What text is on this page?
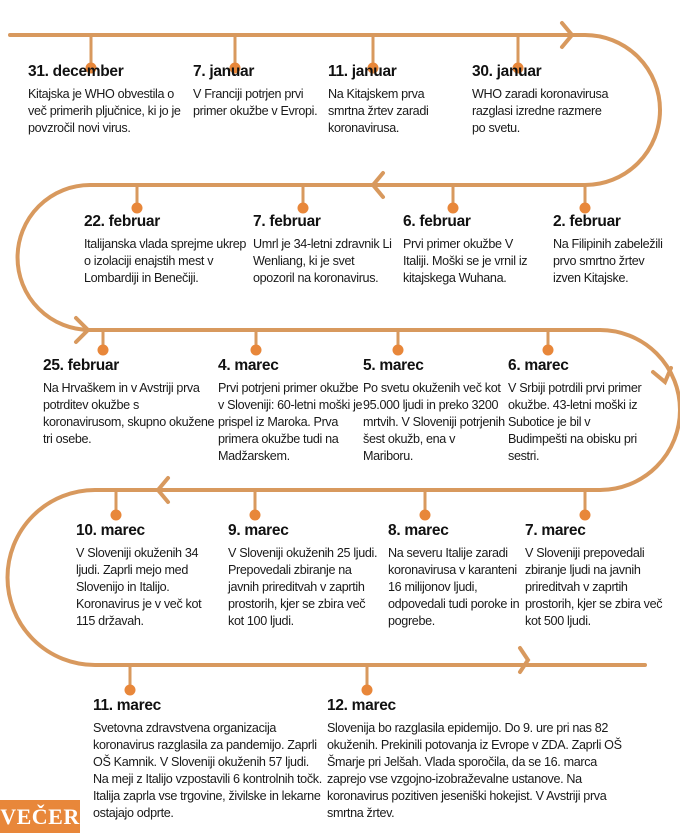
31. december

Kitajska je WHO obvestila o več primerih pljučnice, ki jo je povzročil novi virus.

7. januar

V Franciji potrjen prvi primer okužbe v Evropi.

11. januar

Na Kitajskem prva smrtna žrtev zaradi koronavirusa.

30. januar

WHO zaradi koronavirusa razglasi izredne razmere po svetu.

2. februar

Na Filipinih zabeležili prvo smrtno žrtev izven Kitajske.

6. februar

Prvi primer okužbe V Italiji. Moški se je vrnil iz kitajskega Wuhana.

7. februar

Umrl je 34-letni zdravnik Li Wenliang, ki je svet opozoril na koronavirus.

22. februar

Italijanska vlada sprejme ukrep o izolaciji enajstih mest v Lombardiji in Benečiji.

25. februar

Na Hrvaškem in v Avstriji prva potrditev okužbe s koronavirusom, skupno okužene tri osebe.

4. marec

Prvi potrjeni primer okužbe v Sloveniji: 60-letni moški je prispel iz Maroka. Prva primera okužbe tudi na Madžarskem.

5. marec

Po svetu okuženih več kot 95.000 ljudi in preko 3200 mrtvih. V Sloveniji potrjenih šest okužb, ena v Mariboru.

6. marec

V Srbiji potrdili prvi primer okužbe. 43-letni moški iz Subotice je bil v Budimpešti na obisku pri sestri.

7. marec

V Sloveniji prepovedali zbiranje ljudi na javnih prireditvah v zaprtih prostorih, kjer se zbira več kot 500 ljudi.

8. marec

Na severu Italije zaradi koronavirusa v karanteni 16 milijonov ljudi, odpovedali tudi poroke in pogrebe.

9. marec

V Sloveniji okuženih 25 ljudi. Prepovedali zbiranje na javnih prireditvah v zaprtih prostorih, kjer se zbira več kot 100 ljudi.

10. marec

V Sloveniji okuženih 34 ljudi. Zaprli mejo med Slovenijo in Italijo. Koronavirus je v več kot 115 državah.

11. marec

Svetovna zdravstvena organizacija koronavirus razglasila za pandemijo. Zaprli OŠ Kamnik. V Sloveniji okuženih 57 ljudi. Na meji z Italijo vzpostavili 6 kontrolnih točk. Italija zaprla vse trgovine, živilske in lekarne ostajajo odprte.

12. marec

Slovenija bo razglasila epidemijo. Do 9. ure pri nas 82 okuženih. Prekinili potovanja iz Evrope v ZDA. Zaprli OŠ Šmarje pri Jelšah. Vlada sporočila, da se 16. marca zaprejo vse vzgojno-izobraževalne ustanove. Na koronavirus pozitiven jeseniški hokejist. V Avstriji prva smrtna žrtev.

VEČER
